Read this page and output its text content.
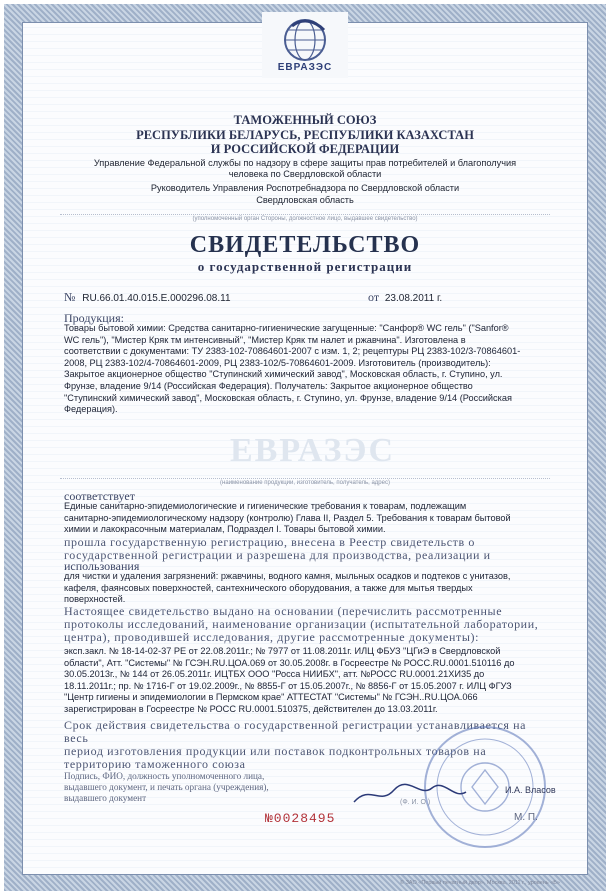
ЕВРАЗЭС
ТАМОЖЕННЫЙ СОЮЗ
РЕСПУБЛИКИ БЕЛАРУСЬ, РЕСПУБЛИКИ КАЗАХСТАН
И РОССИЙСКОЙ ФЕДЕРАЦИИ
Управление Федеральной службы по надзору в сфере защиты прав потребителей и благополучия
человека по Свердловской области
Руководитель Управления Роспотребнадзора по Свердловской области
Свердловская область
(уполномоченный орган Стороны, должностное лицо, выдавшее свидетельство)
СВИДЕТЕЛЬСТВО
о государственной регистрации
№ RU.66.01.40.015.Е.000296.08.11	от 23.08.2011 г.
Продукция:
Товары бытовой химии: Средства санитарно-гигиенические загущенные: "Санфор® WC гель" ("Sanfor®
WC гель"), "Мистер Кряк тм интенсивный", "Мистер Кряк тм налет и ржавчина". Изготовлена в
соответствии с документами: ТУ 2383-102-70864601-2007 с изм. 1, 2; рецептуры РЦ 2383-102/3-70864601-
2008, РЦ 2383-102/4-70864601-2009, РЦ 2383-102/5-70864601-2009. Изготовитель (производитель):
Закрытое акционерное общество "Ступинский химический завод", Московская область, г. Ступино, ул.
Фрунзе, владение 9/14 (Российская Федерация). Получатель: Закрытое акционерное общество
"Ступинский химический завод", Московская область, г. Ступино, ул. Фрунзе, владение 9/14 (Российская
Федерация).
ЕВРАЗЭС
(наименование продукции, изготовитель, получатель, адрес)
соответствует
Единые санитарно-эпидемиологические и гигиенические требования к товарам, подлежащим
санитарно-эпидемиологическому надзору (контролю) Глава II, Раздел 5. Требования к товарам бытовой
химии и лакокрасочным материалам, Подраздел I. Товары бытовой химии.
прошла государственную регистрацию, внесена в Реестр свидетельств о
государственной регистрации и разрешена для производства, реализации и
использования
для чистки и удаления загрязнений: ржавчины, водного камня, мыльных осадков и подтеков с унитазов,
кафеля, фаянсовых поверхностей, сантехнического оборудования, а также для мытья твердых
поверхностей.
Настоящее свидетельство выдано на основании (перечислить рассмотренные
протоколы исследований, наименование организации (испытательной лаборатории,
центра), проводившей исследования, другие рассмотренные документы):
эксп.закл. № 18-14-02-37 РЕ от 22.08.2011г.; № 7977 от 11.08.2011г. ИЛЦ ФБУЗ "ЦГиЭ в Свердловской
области", Атт. "Системы" № ГСЭН.RU.ЦОА.069 от 30.05.2008г. в Госреестре № РОСС.RU.0001.510116 до
30.05.2013г., № 144 от 26.05.2011г. ИЦТБХ ООО "Росса НИИБХ", атт. №РОСС RU.0001.21ХИ35 до
18.11.2011г.; пр. № 1716-Г от 19.02.2009г., № 8855-Г от 15.05.2007г., № 8856-Г от 15.05.2007 г. ИЛЦ ФГУЗ
"Центр гигиены и эпидемиологии в Пермском крае" АТТЕСТАТ "Системы" № ГСЭН..RU.ЦОА.066
зарегистрирован в Госреестре № РОСС RU.0001.510375, действителен до 13.03.2011г.
Срок действия свидетельства о государственной регистрации устанавливается на весь
период изготовления продукции или поставок подконтрольных товаров на
территорию таможенного союза
Подпись, ФИО, должность уполномоченного лица,
выдавшего документ, и печать органа (учреждения),
выдавшего документ
И.А. Власов
(Ф. И. О.)
№0028495	М. П.
© ЗАО «Первый печатный двор», Москва, 2011 г., уровень «Б»
